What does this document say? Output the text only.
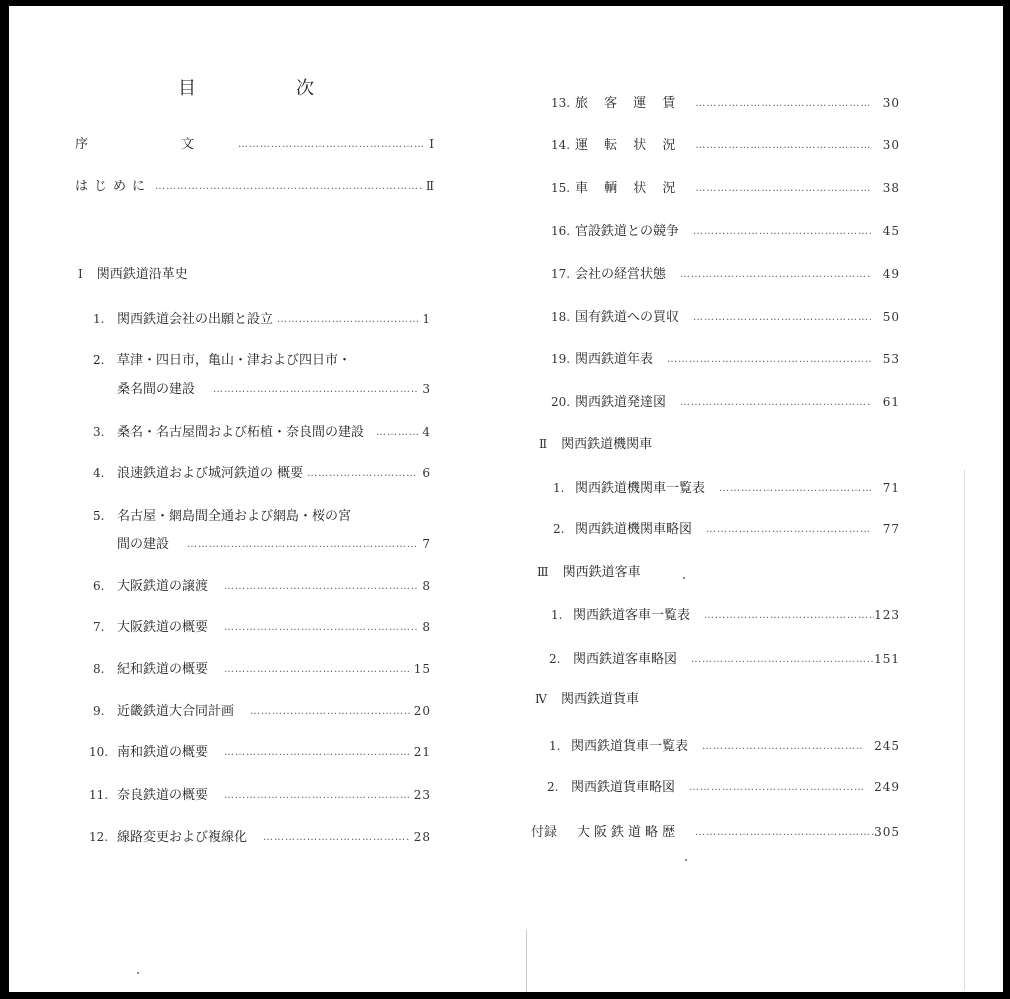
目	次
序　文 ……………………………………………………………………………………………………………………………	Ⅰ
はじめに ……………………………………………………………………………………………………………………………	Ⅱ
Ⅰ 関西鉄道沿革史
1. 関西鉄道会社の出願と設立 ……………………………………………………………………………………………………………………………	1
2. 草津・四日市，亀山・津および四日市・
桑名間の建設 ……………………………………………………………………………………………………………………………	3
3. 桑名・名古屋間および柘植・奈良間の建設 ……………………………………………………………………………………………………………………………	4
4. 浪速鉄道および城河鉄道の 概要 ……………………………………………………………………………………………………………………………	6
5. 名古屋・網島間全通および網島・桜の宮
間の建設 ……………………………………………………………………………………………………………………………	7
6. 大阪鉄道の譲渡 ……………………………………………………………………………………………………………………………	8
7. 大阪鉄道の概要 ……………………………………………………………………………………………………………………………	8
8. 紀和鉄道の概要 ……………………………………………………………………………………………………………………………	15
9. 近畿鉄道大合同計画 ……………………………………………………………………………………………………………………………	20
10. 南和鉄道の概要 ……………………………………………………………………………………………………………………………	21
11. 奈良鉄道の概要 ……………………………………………………………………………………………………………………………	23
12. 線路変更および複線化 ……………………………………………………………………………………………………………………………	28
13. 旅 客 運 賃 ……………………………………………………………………………………………………………………………	30
14. 運 転 状 況 ……………………………………………………………………………………………………………………………	30
15. 車 輌 状 況 ……………………………………………………………………………………………………………………………	38
16. 官設鉄道との競争 ……………………………………………………………………………………………………………………………	45
17. 会社の経営状態 ……………………………………………………………………………………………………………………………	49
18. 国有鉄道への買収 ……………………………………………………………………………………………………………………………	50
19. 関西鉄道年表 ……………………………………………………………………………………………………………………………	53
20. 関西鉄道発達図 ……………………………………………………………………………………………………………………………	61
Ⅱ 関西鉄道機関車
1. 関西鉄道機関車一覧表 ……………………………………………………………………………………………………………………………	71
2. 関西鉄道機関車略図 ……………………………………………………………………………………………………………………………	77
Ⅲ 関西鉄道客車
1. 関西鉄道客車一覧表 ……………………………………………………………………………………………………………………………	123
2. 関西鉄道客車略図 ……………………………………………………………………………………………………………………………	151
Ⅳ 関西鉄道貨車
1. 関西鉄道貨車一覧表 ……………………………………………………………………………………………………………………………	245
2. 関西鉄道貨車略図 ……………………………………………………………………………………………………………………………	249
付録	大阪鉄道略歴 ……………………………………………………………………………………………………………………………	305
